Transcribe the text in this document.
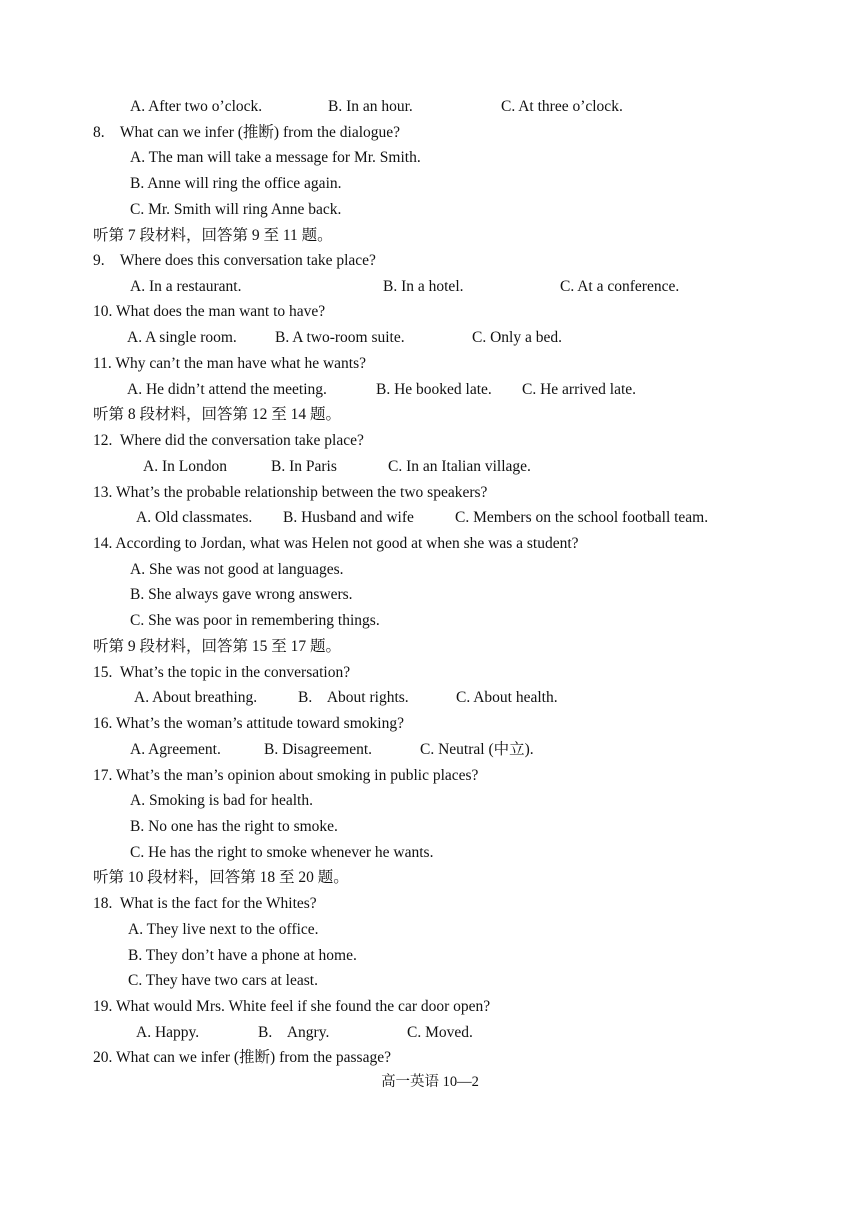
A. After two o’clock.	B. In an hour.	C. At three o’clock.
8.    What can we infer (推断) from the dialogue?
A. The man will take a message for Mr. Smith.
B. Anne will ring the office again.
C. Mr. Smith will ring Anne back.
听第 7 段材料，回答第 9 至 11 题。
9.    Where does this conversation take place?
A. In a restaurant.	B. In a hotel.	C. At a conference.
10. What does the man want to have?
A. A single room. B. A two-room suite.	C. Only a bed.
11. Why can’t the man have what he wants?
A. He didn’t attend the meeting.	B. He booked late. C. He arrived late.
听第 8 段材料，回答第 12 至 14 题。
12.  Where did the conversation take place?
A. In London	B. In Paris	C. In an Italian village.
13. What’s the probable relationship between the two speakers?
A. Old classmates. B. Husband and wife	C. Members on the school football team.
14. According to Jordan, what was Helen not good at when she was a student?
A. She was not good at languages.
B. She always gave wrong answers.
C. She was poor in remembering things.
听第 9 段材料，回答第 15 至 17 题。
15.  What’s the topic in the conversation?
A. About breathing.	B.    About rights.	C. About health.
16. What’s the woman’s attitude toward smoking?
A. Agreement.	B. Disagreement.	C. Neutral (中立).
17. What’s the man’s opinion about smoking in public places?
A. Smoking is bad for health.
B. No one has the right to smoke.
C. He has the right to smoke whenever he wants.
听第 10 段材料，回答第 18 至 20 题。
18.  What is the fact for the Whites?
A. They live next to the office.
B. They don’t have a phone at home.
C. They have two cars at least.
19. What would Mrs. White feel if she found the car door open?
A. Happy.	B.    Angry.	C. Moved.
20. What can we infer (推断) from the passage?
高一英语 10—2
